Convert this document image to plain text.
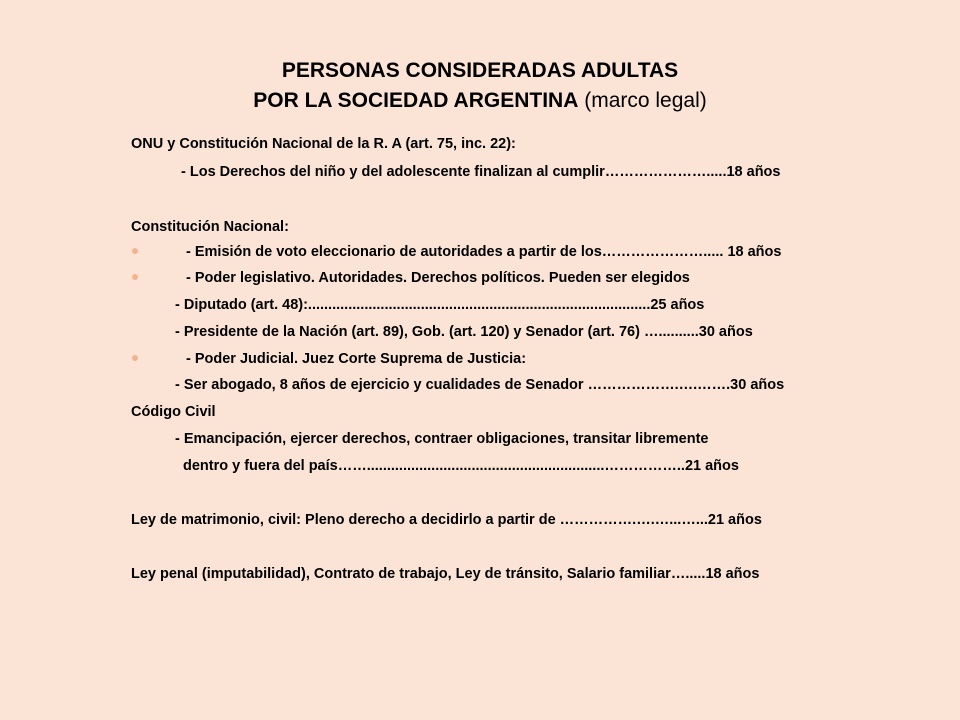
PERSONAS CONSIDERADAS ADULTAS
POR LA SOCIEDAD ARGENTINA (marco legal)
ONU y Constitución Nacional de la R. A (art. 75, inc. 22):
- Los Derechos del niño y del adolescente finalizan al cumplir………………….....18 años
Constitución Nacional:
- Emisión de voto eleccionario de autoridades a partir de los…………………..... 18 años
- Poder legislativo. Autoridades. Derechos políticos. Pueden ser elegidos
- Diputado (art. 48):.....................................................................................25 años
- Presidente de la Nación (art. 89), Gob. (art. 120) y Senador (art. 76) …..........30 años
- Poder Judicial. Juez Corte Suprema de Justicia:
- Ser abogado, 8 años de ejercicio y cualidades de Senador ……………….….…….30 años
Código Civil
- Emancipación, ejercer derechos, contraer obligaciones, transitar libremente
dentro y fuera del país……...........................................................……………..21 años
Ley de matrimonio, civil: Pleno derecho a decidirlo a partir de …………….….…...…...21 años
Ley penal (imputabilidad), Contrato de trabajo, Ley de tránsito, Salario familiar….....18 años
